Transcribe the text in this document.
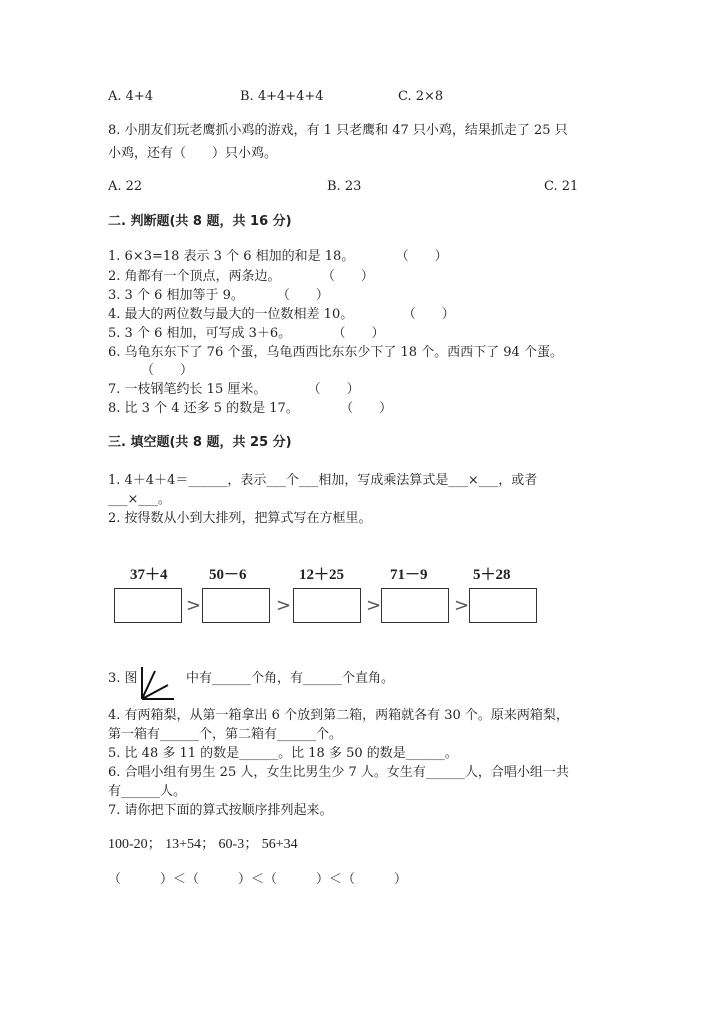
A. 4+4	B. 4+4+4+4	C. 2×8
8. 小朋友们玩老鹰抓小鸡的游戏，有 1 只老鹰和 47 只小鸡，结果抓走了 25 只
小鸡，还有（　　）只小鸡。
A. 22	B. 23	C. 21
二. 判断题(共 8 题，共 16 分)
1. 6×3=18 表示 3 个 6 相加的和是 18。          （　　）
2. 角都有一个顶点，两条边。          （　　）
3. 3 个 6 相加等于 9。        （　　）
4. 最大的两位数与最大的一位数相差 10。            （　　）
5. 3 个 6 相加，可写成 3＋6。          （　　）
6. 乌龟东东下了 76 个蛋，乌龟西西比东东少下了 18 个。西西下了 94 个蛋。
（　　）
7. 一枝钢笔约长 15 厘米。          （　　）
8. 比 3 个 4 还多 5 的数是 17。          （　　）
三. 填空题(共 8 题，共 25 分)
1. 4＋4＋4＝______，表示___个___相加，写成乘法算式是___×___，或者
___×___。
2. 按得数从小到大排列，把算式写在方框里。
37＋4	50－6	12＋25	71－9	5＋28
>	>	>	>
3. 图	中有______个角，有______个直角。
4. 有两箱梨，从第一箱拿出 6 个放到第二箱，两箱就各有 30 个。原来两箱梨，
第一箱有______个，第二箱有______个。
5. 比 48 多 11 的数是______。比 18 多 50 的数是______。
6. 合唱小组有男生 25 人，女生比男生少 7 人。女生有______人，合唱小组一共
有______人。
7. 请你把下面的算式按顺序排列起来。
100-20； 13+54； 60-3； 56+34
（　　　）＜（　　　）＜（　　　）＜（　　　）
